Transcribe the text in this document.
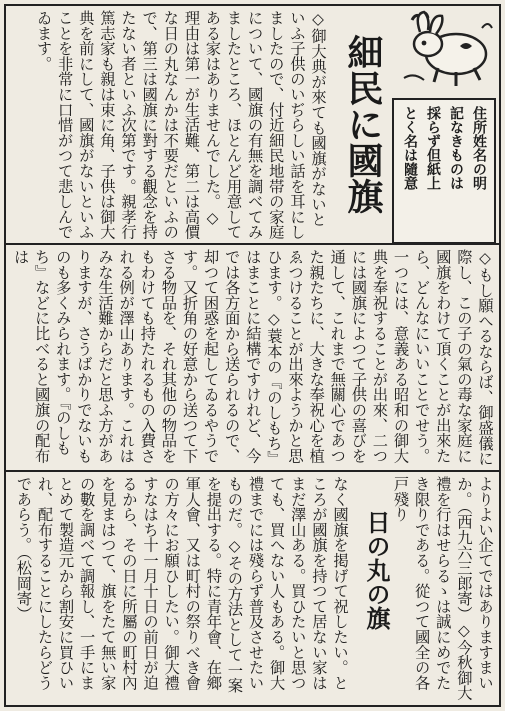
住所姓名の明
記なきものは
採らず但紙上
とく名は隨意
細民に國旗
◇御大典が來ても國旗がないといふ子供のいぢらしい話を耳にしましたので、付近細民地帯の家庭について、國旗の有無を調べてみましたところ、ほとんど用意してある家はありませんでした。◇理由は第一が生活難、第二は高價な日の丸なんかは不要だといふので、第三は國旗に對する觀念を持たない者といふ次第です。親孝行篤志家も親は束に角、子供は御大典を前にして、國旗がないといふことを非常に口惜がつて悲しんでゐます。
◇もし願へるならば、御盛儀に際し、この子の氣の毒な家庭に國旗をわけて頂くことが出來たら、どんなにいいことでせう。一つには、意義ある昭和の御大典を奉祝することが出來、二つには國旗によつて子供の喜びを通して、これまで無關心であつた親たちに、大きな奉祝心を植ゑつけることが出來ようかと思ひます。◇蓑本の『のしもち』はまことに結構ですけれど、今では各方面から送られるので、却つて困惑を起してゐるやうです。又折角の好意から送つて下さる物品を、それ其他の物品をもわけても持たれるもの入費される例が澤山あります。これはみな生活難からだと思ふ方がありますが、さうばかりでないものも多くみられます。『のしもち』などに比べると國旗の配布は
日の丸の旗
なく國旗を掲げて祝したい。ところが國旗を持つて居ない家はまだ澤山ある。買ひたいと思つても、買へない人もある。御大禮までには殘らず普及させたいものだ。◇その方法として一案を提出する。特に青年會、在鄉軍人會、又は町村の祭りべき會の方々にお願ひしたい。御大禮すなはち十一月十日の前日が迫るから、その日に所屬の町村內を見まはつて、旗をたて無い家の數を調べて調報し、一手にまとめて製造元から割安に買ひいれ、配布することにしたらどうであらう。（松岡寄）	よりよい企てではありますまいか。（西九六三郎寄）◇今秋御大禮を行はせらるゝは誠にめでたき限りである。從つて國全の各戸殘り
